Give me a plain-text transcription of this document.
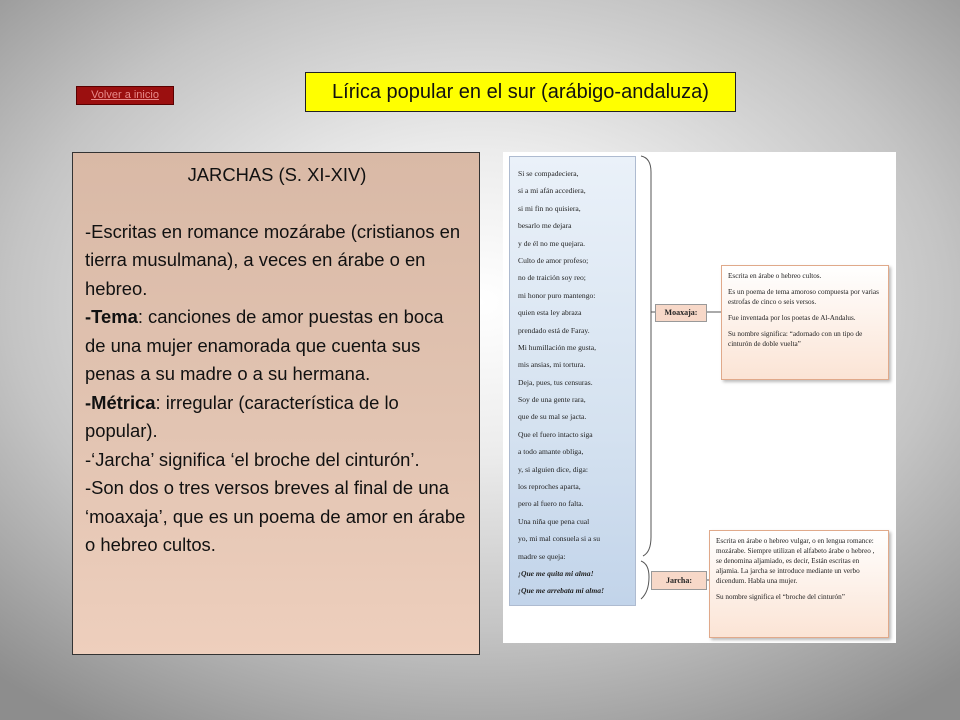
Volver a inicio	Lírica popular en el sur (arábigo-andaluza)
JARCHAS (S. XI-XIV)

-Escritas en romance mozárabe (cristianos en tierra musulmana), a veces en árabe o en hebreo.

-Tema: canciones de amor puestas en boca de una mujer enamorada que cuenta sus penas a su madre o a su hermana.

-Métrica: irregular (característica de lo popular).

-‘Jarcha’ significa ‘el broche del cinturón’.

-Son dos o tres versos breves al final de una ‘moaxaja’, que es un poema de amor en árabe o hebreo cultos.

Si se compadeciera,
si a mi afán accediera,
si mi fin no quisiera,
besarlo me dejara
y de él no me quejara.
Culto de amor profeso;
no de traición soy reo;
mi honor puro mantengo:
quien esta ley abraza
prendado está de Faray.
Mi humillación me gusta,
mis ansias, mi tortura.
Deja, pues, tus censuras.
Soy de una gente rara,
que de su mal se jacta.
Que el fuero intacto siga
a todo amante obliga,
y, si alguien dice, diga:
los reproches aparta,
pero al fuero no falta.
Una niña que pena cual
yo, mi mal consuela si a su
madre se queja:
¡Que me quita mi alma!
¡Que me arrebata mi alma!
Moaxaja:

Escrita en árabe o hebreo cultos.

Es un poema de tema amoroso compuesta por varias estrofas de cinco o seis versos.

Fue inventada por los poetas de Al-Andalus.

Su nombre significa: “adornado con un tipo de cinturón de doble vuelta”

Jarcha:

Escrita en árabe o hebreo vulgar, o en lengua romance: mozárabe. Siempre utilizan el alfabeto árabe o hebreo , se denomina aljamiado, es decir, Están escritas en aljamia. La jarcha se introduce mediante un verbo dicendum. Habla una mujer.

Su nombre significa el “broche del cinturón”
